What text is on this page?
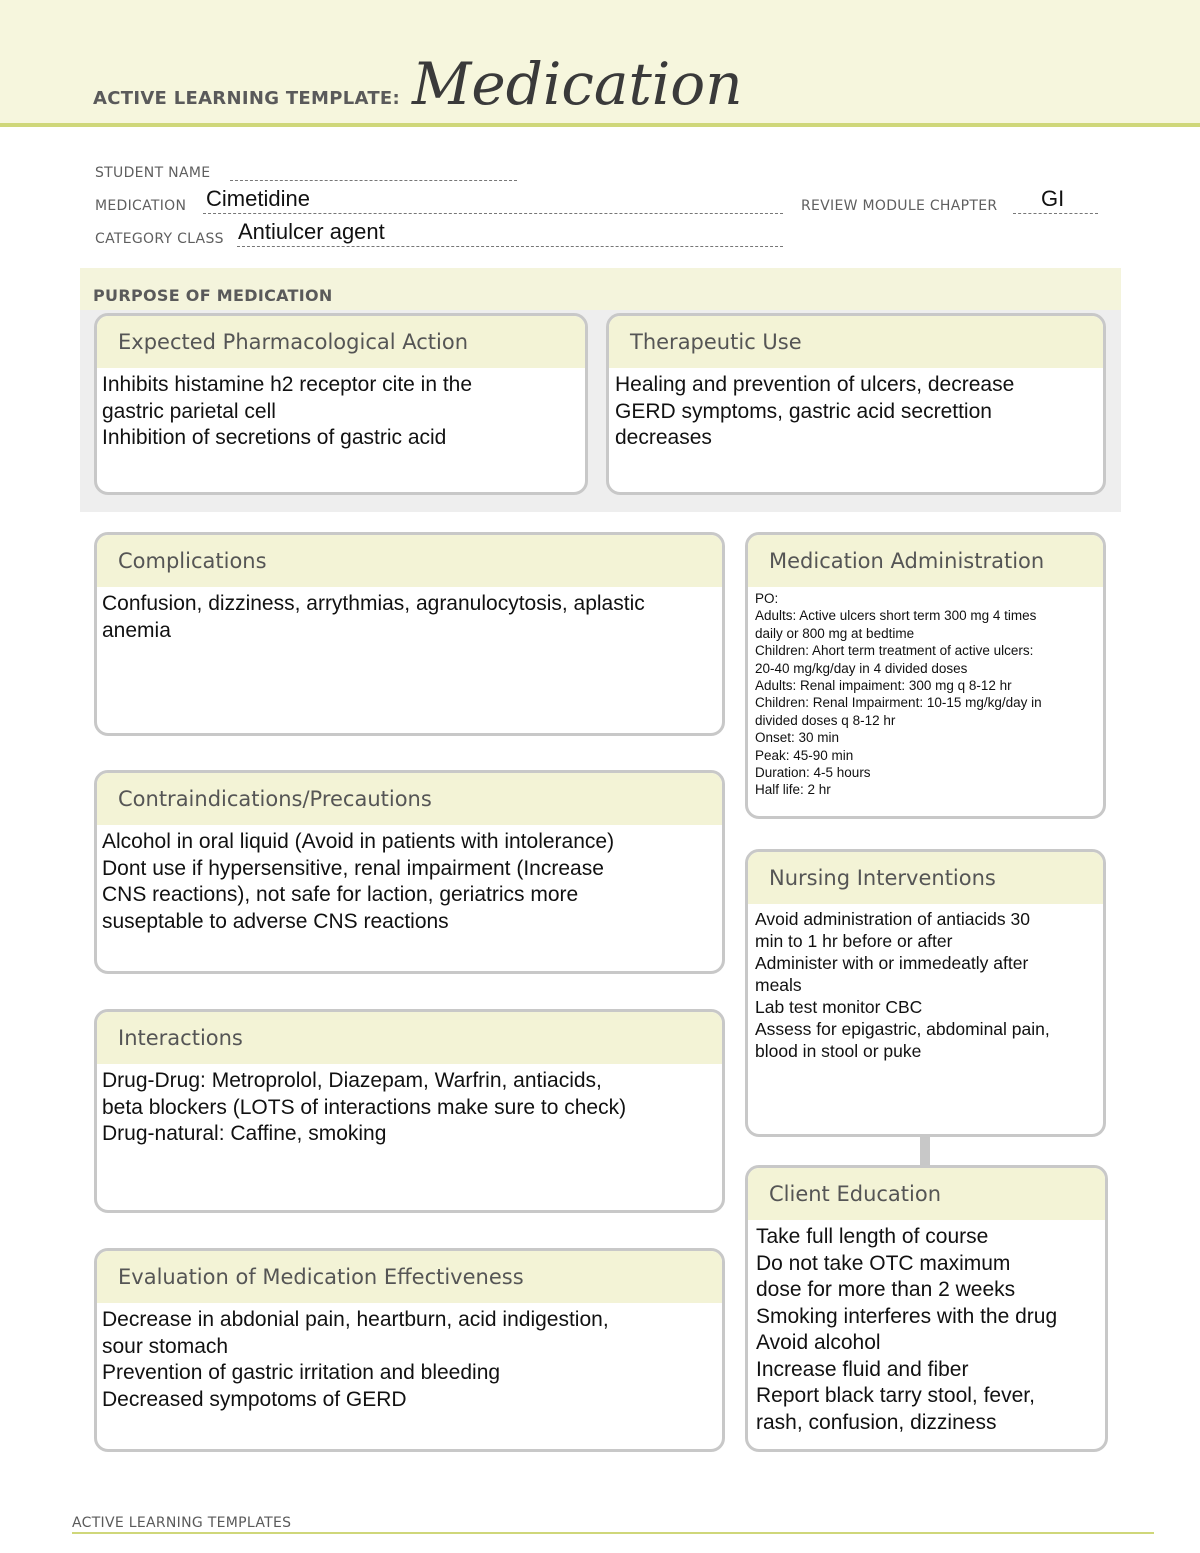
ACTIVE LEARNING TEMPLATE: Medication
STUDENT NAME
MEDICATION Cimetidine	REVIEW MODULE CHAPTER GI
CATEGORY CLASS Antiulcer agent
PURPOSE OF MEDICATION
Expected Pharmacological Action
Inhibits histamine h2 receptor cite in the
gastric parietal cell
Inhibition of secretions of gastric acid
Therapeutic Use
Healing and prevention of ulcers, decrease
GERD symptoms, gastric acid secrettion
decreases
Complications
Confusion, dizziness, arrythmias, agranulocytosis, aplastic
anemia
Contraindications/Precautions
Alcohol in oral liquid (Avoid in patients with intolerance)
Dont use if hypersensitive, renal impairment (Increase
CNS reactions), not safe for laction, geriatrics more
suseptable to adverse CNS reactions
Interactions
Drug-Drug: Metroprolol, Diazepam, Warfrin, antiacids,
beta blockers (LOTS of interactions make sure to check)
Drug-natural: Caffine, smoking
Evaluation of Medication Effectiveness
Decrease in abdonial pain, heartburn, acid indigestion,
sour stomach
Prevention of gastric irritation and bleeding
Decreased sympotoms of GERD
Medication Administration
PO:
Adults: Active ulcers short term 300 mg 4 times
daily or 800 mg at bedtime
Children: Ahort term treatment of active ulcers:
20-40 mg/kg/day in 4 divided doses
Adults: Renal impaiment: 300 mg q 8-12 hr
Children: Renal Impairment: 10-15 mg/kg/day in
divided doses q 8-12 hr
Onset: 30 min
Peak: 45-90 min
Duration: 4-5 hours
Half life: 2 hr
Nursing Interventions
Avoid administration of antiacids 30
min to 1 hr before or after
Administer with or immedeatly after
meals
Lab test monitor CBC
Assess for epigastric, abdominal pain,
blood in stool or puke
Client Education
Take full length of course
Do not take OTC maximum
dose for more than 2 weeks
Smoking interferes with the drug
Avoid alcohol
Increase fluid and fiber
Report black tarry stool, fever,
rash, confusion, dizziness
ACTIVE LEARNING TEMPLATES
